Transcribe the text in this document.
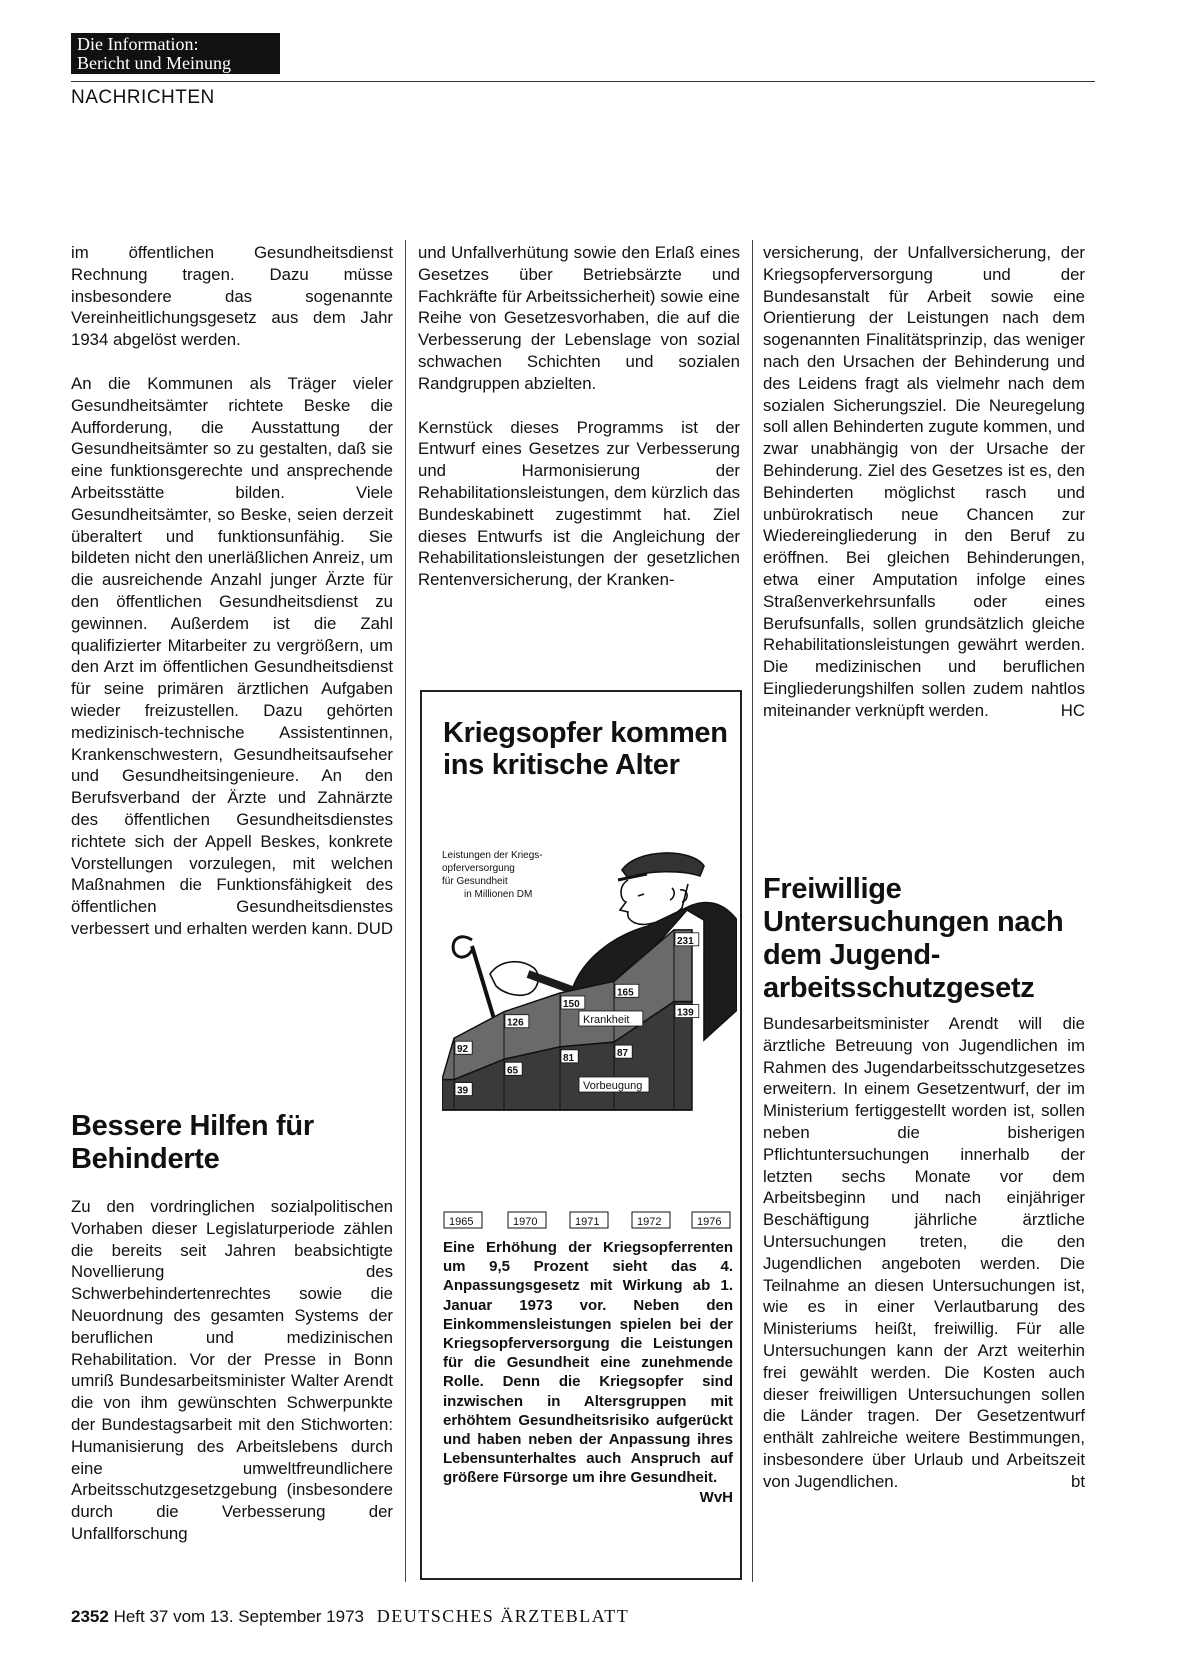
Die Information:
Bericht und Meinung
NACHRICHTEN

im öffentlichen Gesundheitsdienst Rechnung tragen. Dazu müsse insbesondere das sogenannte Vereinheitlichungsgesetz aus dem Jahr 1934 abgelöst werden.

An die Kommunen als Träger vieler Gesundheitsämter richtete Beske die Aufforderung, die Ausstattung der Gesundheitsämter so zu gestalten, daß sie eine funktionsgerechte und ansprechende Arbeitsstätte bilden. Viele Gesundheitsämter, so Beske, seien derzeit überaltert und funktionsunfähig. Sie bildeten nicht den unerläßlichen Anreiz, um die ausreichende Anzahl junger Ärzte für den öffentlichen Gesundheitsdienst zu gewinnen. Außerdem ist die Zahl qualifizierter Mitarbeiter zu vergrößern, um den Arzt im öffentlichen Gesundheitsdienst für seine primären ärztlichen Aufgaben wieder freizustellen. Dazu gehörten medizinisch-technische Assistentinnen, Krankenschwestern, Gesundheitsaufseher und Gesundheitsingenieure. An den Berufsverband der Ärzte und Zahnärzte des öffentlichen Gesundheitsdienstes richtete sich der Appell Beskes, konkrete Vorstellungen vorzulegen, mit welchen Maßnahmen die Funktionsfähigkeit des öffentlichen Gesundheitsdienstes verbessert und erhalten werden kann. DUD

Bessere Hilfen für Behinderte

Zu den vordringlichen sozialpolitischen Vorhaben dieser Legislaturperiode zählen die bereits seit Jahren beabsichtigte Novellierung des Schwerbehindertenrechtes sowie die Neuordnung des gesamten Systems der beruflichen und medizinischen Rehabilitation. Vor der Presse in Bonn umriß Bundesarbeitsminister Walter Arendt die von ihm gewünschten Schwerpunkte der Bundestagsarbeit mit den Stichworten: Humanisierung des Arbeitslebens durch eine umweltfreundlichere Arbeitsschutzgesetzgebung (insbesondere durch die Verbesserung der Unfallforschung

und Unfallverhütung sowie den Erlaß eines Gesetzes über Betriebsärzte und Fachkräfte für Arbeitssicherheit) sowie eine Reihe von Gesetzesvorhaben, die auf die Verbesserung der Lebenslage von sozial schwachen Schichten und sozialen Randgruppen abzielten.

Kernstück dieses Programms ist der Entwurf eines Gesetzes zur Verbesserung und Harmonisierung der Rehabilitationsleistungen, dem kürzlich das Bundeskabinett zugestimmt hat. Ziel dieses Entwurfs ist die Angleichung der Rehabilitationsleistungen der gesetzlichen Rentenversicherung, der Kranken-

versicherung, der Unfallversicherung, der Kriegsopferversorgung und der Bundesanstalt für Arbeit sowie eine Orientierung der Leistungen nach dem sogenannten Finalitätsprinzip, das weniger nach den Ursachen der Behinderung und des Leidens fragt als vielmehr nach dem sozialen Sicherungsziel. Die Neuregelung soll allen Behinderten zugute kommen, und zwar unabhängig von der Ursache der Behinderung. Ziel des Gesetzes ist es, den Behinderten möglichst rasch und unbürokratisch neue Chancen zur Wiedereingliederung in den Beruf zu eröffnen. Bei gleichen Behinderungen, etwa einer Amputation infolge eines Straßenverkehrsunfalls oder eines Berufsunfalls, sollen grundsätzlich gleiche Rehabilitationsleistungen gewährt werden. Die medizinischen und beruflichen Eingliederungshilfen sollen zudem nahtlos miteinander verknüpft werden.	HC

Freiwillige Untersuchungen nach dem Jugend-arbeitsschutzgesetz

Bundesarbeitsminister Arendt will die ärztliche Betreuung von Jugendlichen im Rahmen des Jugendarbeitsschutzgesetzes erweitern. In einem Gesetzentwurf, der im Ministerium fertiggestellt worden ist, sollen neben die bisherigen Pflichtuntersuchungen innerhalb der letzten sechs Monate vor dem Arbeitsbeginn und nach einjähriger Beschäftigung jährliche ärztliche Untersuchungen treten, die den Jugendlichen angeboten werden. Die Teilnahme an diesen Untersuchungen ist, wie es in einer Verlautbarung des Ministeriums heißt, freiwillig. Für alle Untersuchungen kann der Arzt weiterhin frei gewählt werden. Die Kosten auch dieser freiwilligen Untersuchungen sollen die Länder tragen. Der Gesetzentwurf enthält zahlreiche weitere Bestimmungen, insbesondere über Urlaub und Arbeitszeit von Jugendlichen.	bt

Kriegsopfer kommen ins kritische Alter
Leistungen der Kriegs-
opferversorgung
für Gesundheit
in Millionen DM
92
126
150
165
231
39
65
81	87
139
Krankheit
Vorbeugung
1965	1970	1971	1972	1976
Eine Erhöhung der Kriegsopferrenten um 9,5 Prozent sieht das 4. Anpassungsgesetz mit Wirkung ab 1. Januar 1973 vor. Neben den Einkommensleistungen spielen bei der Kriegsopferversorgung die Leistungen für die Gesundheit eine zunehmende Rolle. Denn die Kriegsopfer sind inzwischen in Altersgruppen mit erhöhtem Gesundheitsrisiko aufgerückt und haben neben der Anpassung ihres Lebensunterhaltes auch Anspruch auf größere Fürsorge um ihre Gesundheit.
WvH
2352 Heft 37 vom 13. September 1973 DEUTSCHES ÄRZTEBLATT
